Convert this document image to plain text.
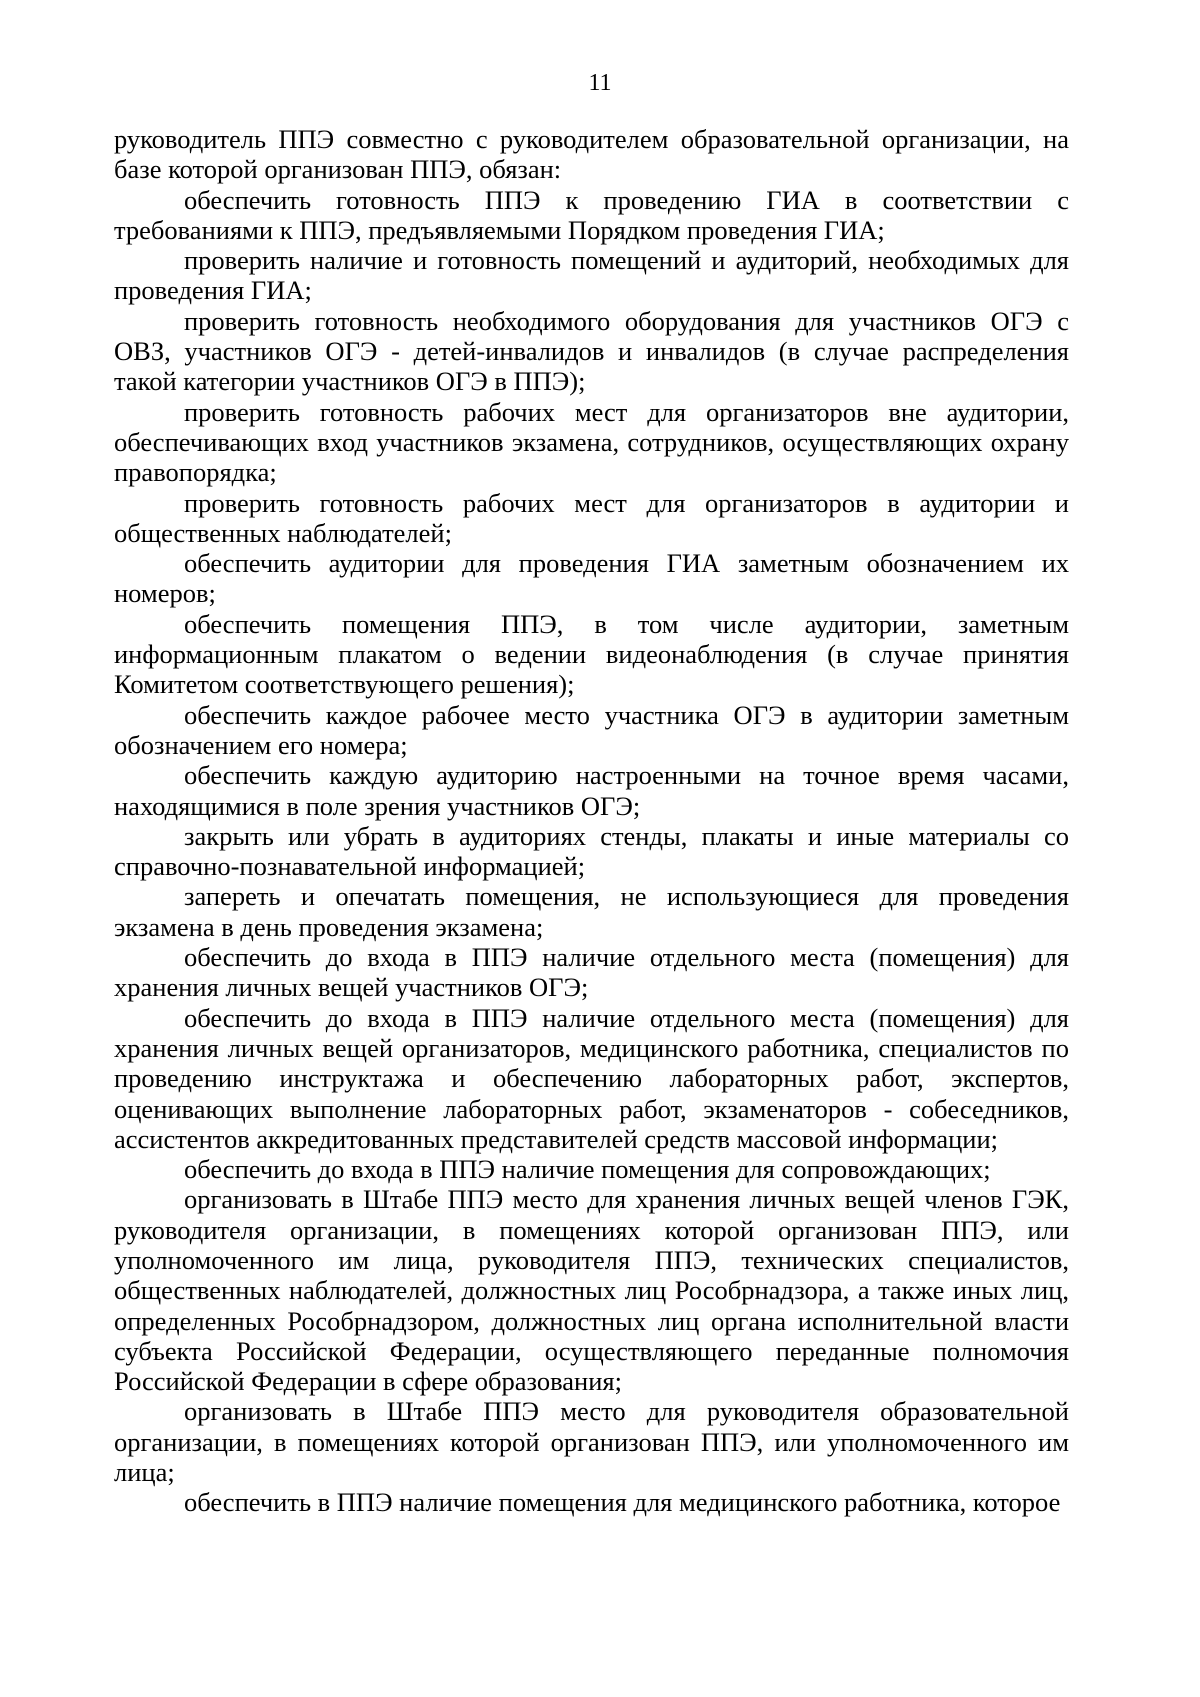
11

руководитель ППЭ совместно с руководителем образовательной организации, на базе которой организован ППЭ, обязан:

обеспечить готовность ППЭ к проведению ГИА в соответствии с требованиями к ППЭ, предъявляемыми Порядком проведения ГИА;

проверить наличие и готовность помещений и аудиторий, необходимых для проведения ГИА;

проверить готовность необходимого оборудования для участников ОГЭ с ОВЗ, участников ОГЭ - детей-инвалидов и инвалидов (в случае распределения такой категории участников ОГЭ в ППЭ);

проверить готовность рабочих мест для организаторов вне аудитории, обеспечивающих вход участников экзамена, сотрудников, осуществляющих охрану правопорядка;

проверить готовность рабочих мест для организаторов в аудитории и общественных наблюдателей;

обеспечить аудитории для проведения ГИА заметным обозначением их номеров;

обеспечить помещения ППЭ, в том числе аудитории, заметным информационным плакатом о ведении видеонаблюдения (в случае принятия Комитетом соответствующего решения);

обеспечить каждое рабочее место участника ОГЭ в аудитории заметным обозначением его номера;

обеспечить каждую аудиторию настроенными на точное время часами, находящимися в поле зрения участников ОГЭ;

закрыть или убрать в аудиториях стенды, плакаты и иные материалы со справочно-познавательной информацией;

запереть и опечатать помещения, не использующиеся для проведения экзамена в день проведения экзамена;

обеспечить до входа в ППЭ наличие отдельного места (помещения) для хранения личных вещей участников ОГЭ;

обеспечить до входа в ППЭ наличие отдельного места (помещения) для хранения личных вещей организаторов, медицинского работника, специалистов по проведению инструктажа и обеспечению лабораторных работ, экспертов, оценивающих выполнение лабораторных работ, экзаменаторов - собеседников, ассистентов аккредитованных представителей средств массовой информации;

обеспечить до входа в ППЭ наличие помещения для сопровождающих;

организовать в Штабе ППЭ место для хранения личных вещей членов ГЭК, руководителя организации, в помещениях которой организован ППЭ, или уполномоченного им лица, руководителя ППЭ, технических специалистов, общественных наблюдателей, должностных лиц Рособрнадзора, а также иных лиц, определенных Рособрнадзором, должностных лиц органа исполнительной власти субъекта Российской Федерации, осуществляющего переданные полномочия Российской Федерации в сфере образования;

организовать в Штабе ППЭ место для руководителя образовательной организации, в помещениях которой организован ППЭ, или уполномоченного им лица;

обеспечить в ППЭ наличие помещения для медицинского работника, которое
